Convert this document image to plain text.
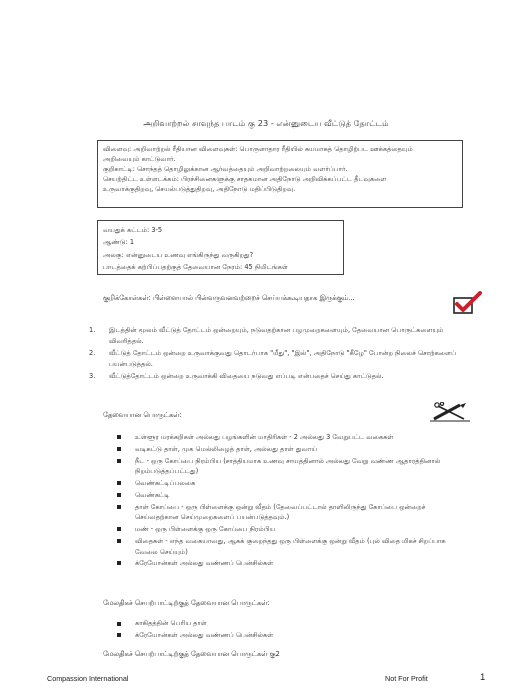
அறிவாற்றல் சாவுந்த பாடம் கு 23 - என்னுடைய வீட்டுத் தோட்டம்
விளைவு: அறிவாற்றல் ரீதியான விளைவுகள்: பொருளாதார ரீதியில் சுயமாகத் தொழிற்பட ஊக்கத்தையும்
அறிவையும் காட்டுவார்.
குறிகாட்டி: சொந்தத் தொழிலுக்கான ஆர்வத்தையும் அறிவாற்றலையும் வளர்ப்பார்.
செயற்திட்ட உள்ளடக்கம்: பிரச்சினைகளுக்கு சாதகமான அதிநோடு அறிவிக்கப்பட்ட தீடவுகளை
உருவாக்குதிறவு, செயல்படுத்துதிறவு, அதிநோடு மதிப்பிடுதிறவு.
வயதுக் கட்டம்: 3-5
ஆண்டு: 1
அலகு: என்னுடைய உணவு எங்கிருந்து வருகிறது?
பாடத்தைக் கற்பிப்பதற்குத் தேவையான நேரம்: 45 நிமிடங்கள்
குறிக்கோள்கள்: பிள்ளையால் பின்வருவனவற்றைச் செய்யக்கூடியதாக இருக்கும்...
1. இடத்தின் மூலம் வீட்டுத் தோட்டம் ஒன்றையும், நடுவதற்கான பழமுறைகளையும், தேவையான பொருட்களையும் விவரித்தல்.
2. வீட்டுத் தோட்டம் ஒன்றை உருவாக்குவது தொடர்பாக "மீது", "இல்", அதிநோடு "கீழே" போன்ற நிலைச் சொற்களைப் பயன்படுத்தல்.
3. வீட்டுத்தோட்டம் ஒன்றை உருவாக்கி விதையை நடுவது எப்படி என்பதைச் செய்து காட்டுதல்.
தேவையான பொருட்கள்:
உள்ளூர மரக்கறிகள் அல்லது பழங்களின் மாதிரிகள் - 2 அல்லது 3 வேறுபட்ட வகைகள்
வடிகட்டு தாள், முக மெல்லிழைத் தாள், அல்லது தாள் துவாய்
நீட - ஒரு கோப்பை நிரம்பிய (சாத்தியமாக உணவு சாயத்தினால் அல்லது வேறு வண்ண ஆதாரத்தினால் நிறம்படுத்தப்பட்டது)
வெண்கட்டிப்பலகை
வெண்கட்டி
தாள் கோப்பை - ஒரு பிள்ளைக்கு ஒன்று வீதம் (தேவைப்பட்டால் தாளிலிருந்து கோப்பை ஒன்றைச் செய்வதற்கான செய்முறைகளைப் பயன்படுத்தவும்.)
மண் - ஒரு பிள்ளைக்கு ஒரு கோப்பை நிரம்பிய
விதைகள் - எந்த வகையாவது, ஆகக் குறைந்தது ஒரு பிள்ளைக்கு ஒன்று வீதம் (புல் விதை மிகச் சிறப்பாக வேலை செய்யும்)
க்ரேயோன்கள் அல்லது வண்ணப் பென்சில்கள்
மேலதிகச் செயற்பாட்டிற்குத் தேவையான பொருட்கள்:
காகிதத்தின் பெரிய தாள்
க்ரேயோன்கள் அல்லது வண்ணப் பென்சில்கள்
மேலதிகச் செயற்பாட்டிற்குத் தேவையான பொருட்கள் கு2
Compassion International	Not For Profit	1
